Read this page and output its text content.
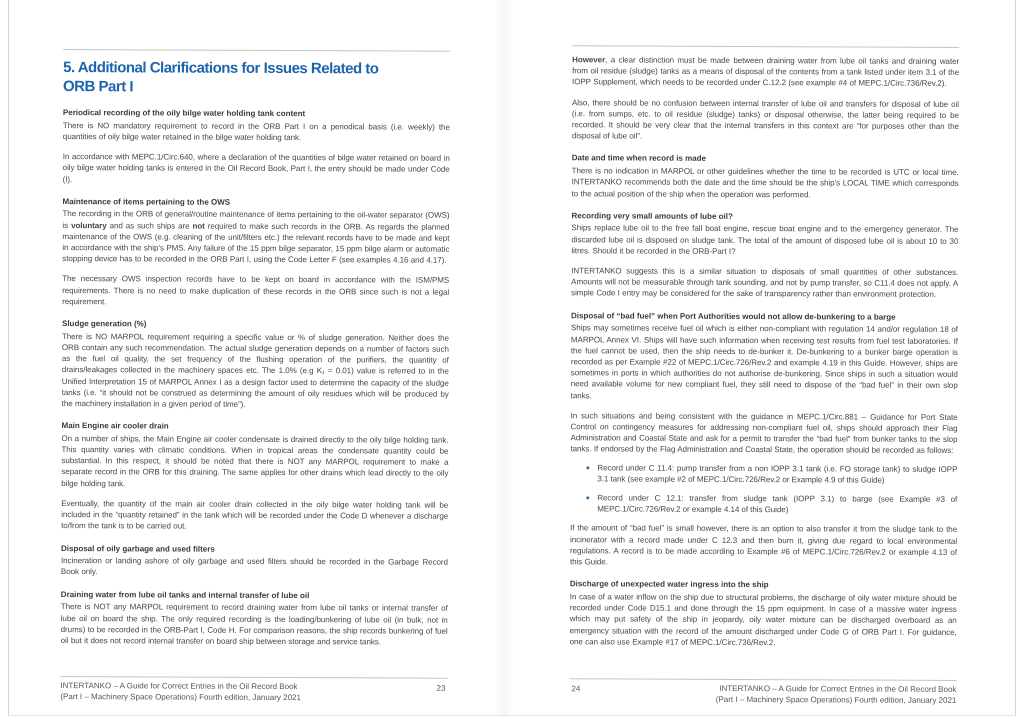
5. Additional Clarifications for Issues Related to
ORB Part I
Periodical recording of the oily bilge water holding tank content

There is NO mandatory requirement to record in the ORB Part I on a periodical basis (i.e. weekly) the quantities of oily bilge water retained in the bilge water holding tank.

In accordance with MEPC.1/Circ.640, where a declaration of the quantities of bilge water retained on board in oily bilge water holding tanks is entered in the Oil Record Book, Part I, the entry should be made under Code (I).

Maintenance of items pertaining to the OWS

The recording in the ORB of general/routine maintenance of items pertaining to the oil-water separator (OWS) is voluntary and as such ships are not required to make such records in the ORB. As regards the planned maintenance of the OWS (e.g. cleaning of the unit/filters etc.) the relevant records have to be made and kept in accordance with the ship’s PMS. Any failure of the 15 ppm bilge separator, 15 ppm bilge alarm or automatic stopping device has to be recorded in the ORB Part I, using the Code Letter F (see examples 4.16 and 4.17).

The necessary OWS inspection records have to be kept on board in accordance with the ISM/PMS requirements. There is no need to make duplication of these records in the ORB since such is not a legal requirement.

Sludge generation (%)

There is NO MARPOL requirement requiring a specific value or % of sludge generation. Neither does the ORB contain any such recommendation. The actual sludge generation depends on a number of factors such as the fuel oil quality, the set frequency of the flushing operation of the purifiers, the quantity of drains/leakages collected in the machinery spaces etc. The 1.0% (e.g K₁ = 0.01) value is referred to in the Unified Interpretation 15 of MARPOL Annex I as a design factor used to determine the capacity of the sludge tanks (i.e. “it should not be construed as determining the amount of oily residues which will be produced by the machinery installation in a given period of time”).

Main Engine air cooler drain

On a number of ships, the Main Engine air cooler condensate is drained directly to the oily bilge holding tank. This quantity varies with climatic conditions. When in tropical areas the condensate quantity could be substantial. In this respect, it should be noted that there is NOT any MARPOL requirement to make a separate record in the ORB for this draining. The same applies for other drains which lead directly to the oily bilge holding tank.

Eventually, the quantity of the main air cooler drain collected in the oily bilge water holding tank will be included in the “quantity retained” in the tank which will be recorded under the Code D whenever a discharge to/from the tank is to be carried out.

Disposal of oily garbage and used filters

Incineration or landing ashore of oily garbage and used filters should be recorded in the Garbage Record Book only.

Draining water from lube oil tanks and internal transfer of lube oil

There is NOT any MARPOL requirement to record draining water from lube oil tanks or internal transfer of lube oil on board the ship. The only required recording is the loading/bunkering of lube oil (in bulk, not in drums) to be recorded in the ORB-Part I, Code H. For comparison reasons, the ship records bunkering of fuel oil but it does not record internal transfer on board ship between storage and service tanks.

INTERTANKO – A Guide for Correct Entries in the Oil Record Book
(Part I – Machinery Space Operations) Fourth edition, January 2021
23

However, a clear distinction must be made between draining water from lube oil tanks and draining water from oil residue (sludge) tanks as a means of disposal of the contents from a tank listed under item 3.1 of the IOPP Supplement, which needs to be recorded under C.12.2 (see example #4 of MEPC.1/Circ.736/Rev.2).

Also, there should be no confusion between internal transfer of lube oil and transfers for disposal of lube oil (i.e. from sumps, etc. to oil residue (sludge) tanks) or disposal otherwise, the latter being required to be recorded. It should be very clear that the internal transfers in this context are “for purposes other than the disposal of lube oil”.

Date and time when record is made

There is no indication in MARPOL or other guidelines whether the time to be recorded is UTC or local time. INTERTANKO recommends both the date and the time should be the ship’s LOCAL TIME which corresponds to the actual position of the ship when the operation was performed.

Recording very small amounts of lube oil?

Ships replace lube oil to the free fall boat engine, rescue boat engine and to the emergency generator. The discarded lube oil is disposed on sludge tank. The total of the amount of disposed lube oil is about 10 to 30 litres. Should it be recorded in the ORB-Part I?

INTERTANKO suggests this is a similar situation to disposals of small quantities of other substances. Amounts will not be measurable through tank sounding, and not by pump transfer, so C11.4 does not apply. A simple Code I entry may be considered for the sake of transparency rather than environment protection.

Disposal of “bad fuel” when Port Authorities would not allow de-bunkering to a barge

Ships may sometimes receive fuel oil which is either non-compliant with regulation 14 and/or regulation 18 of MARPOL Annex VI. Ships will have such information when receiving test results from fuel test laboratories. If the fuel cannot be used, then the ship needs to de-bunker it. De-bunkering to a bunker barge operation is recorded as per Example #22 of MEPC.1/Circ.726/Rev.2 and example 4.19 in this Guide. However, ships are sometimes in ports in which authorities do not authorise de-bunkering. Since ships in such a situation would need available volume for new compliant fuel, they still need to dispose of the “bad fuel” in their own slop tanks.

In such situations and being consistent with the guidance in MEPC.1/Circ.881 – Guidance for Port State Control on contingency measures for addressing non-compliant fuel oil, ships should approach their Flag Administration and Coastal State and ask for a permit to transfer the “bad fuel” from bunker tanks to the slop tanks. If endorsed by the Flag Administration and Coastal State, the operation should be recorded as follows:

Record under C 11.4: pump transfer from a non IOPP 3.1 tank (i.e. FO storage tank) to sludge IOPP 3.1 tank (see example #2 of MEPC.1/Circ.726/Rev.2 or Example 4.9 of this Guide)
Record under C 12.1: transfer from sludge tank (IOPP 3.1) to barge (see Example #3 of MEPC.1/Circ.726/Rev.2 or example 4.14 of this Guide)

If the amount of “bad fuel” is small however, there is an option to also transfer it from the sludge tank to the incinerator with a record made under C 12.3 and then burn it, giving due regard to local environmental regulations. A record is to be made according to Example #6 of MEPC.1/Circ.726/Rev.2 or example 4.13 of this Guide.

Discharge of unexpected water ingress into the ship

In case of a water inflow on the ship due to structural problems, the discharge of oily water mixture should be recorded under Code D15.1 and done through the 15 ppm equipment. In case of a massive water ingress which may put safety of the ship in jeopardy, oily water mixture can be discharged overboard as an emergency situation with the record of the amount discharged under Code G of ORB Part I. For guidance, one can also use Example #17 of MEPC.1/Circ.736/Rev.2.

INTERTANKO – A Guide for Correct Entries in the Oil Record Book
(Part I – Machinery Space Operations) Fourth edition, January 2021
24
